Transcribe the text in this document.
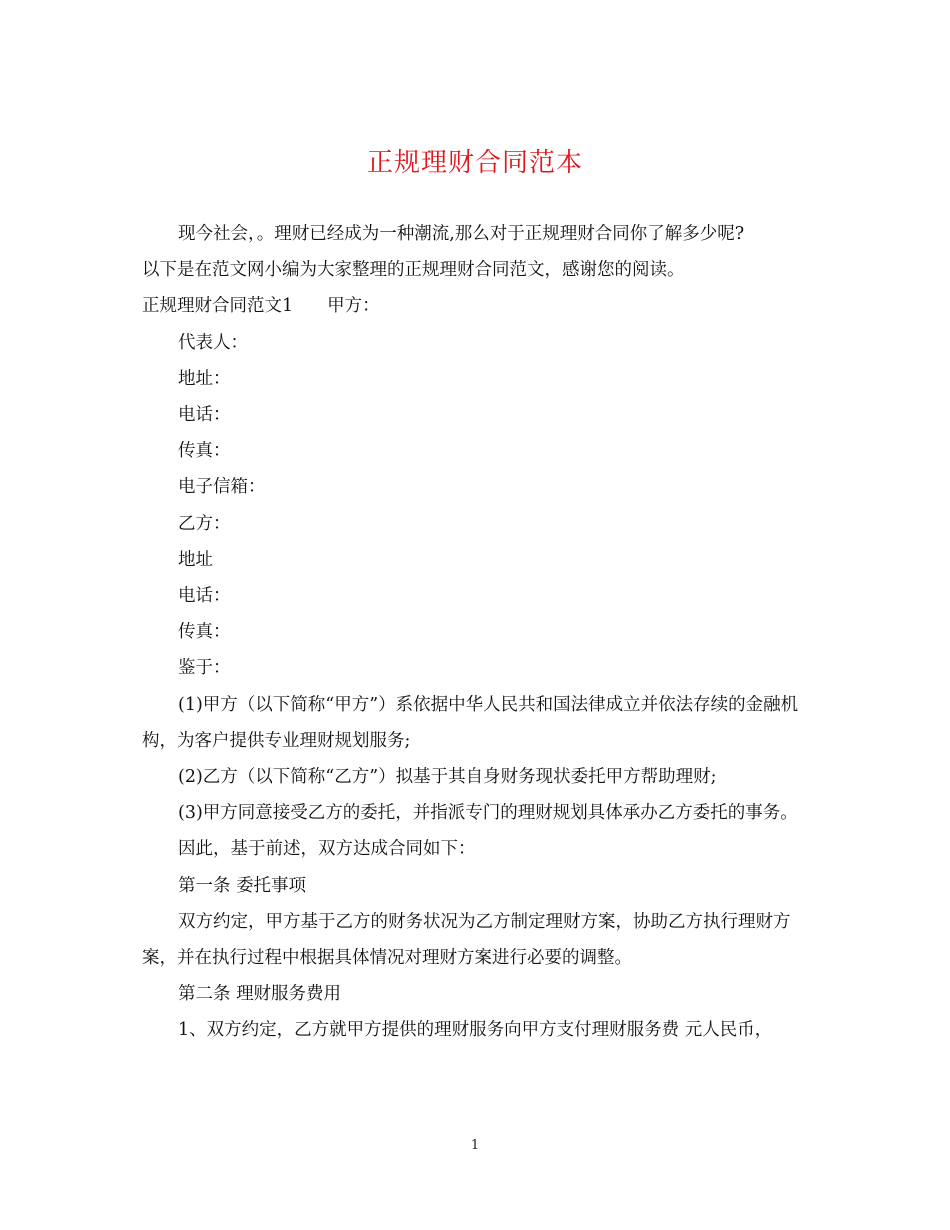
正规理财合同范本

现今社会，。理财已经成为一种潮流,那么对于正规理财合同你了解多少呢?

以下是在范文网小编为大家整理的正规理财合同范文，感谢您的阅读。

正规理财合同范文1 甲方：

代表人：

地址：

电话：

传真：

电子信箱：

乙方：

地址

电话：

传真：

鉴于：

(1)甲方（以下简称“甲方”）系依据中华人民共和国法律成立并依法存续的金融机构，为客户提供专业理财规划服务;

(2)乙方（以下简称“乙方”）拟基于其自身财务现状委托甲方帮助理财;

(3)甲方同意接受乙方的委托，并指派专门的理财规划具体承办乙方委托的事务。

因此，基于前述，双方达成合同如下：

第一条 委托事项

双方约定，甲方基于乙方的财务状况为乙方制定理财方案，协助乙方执行理财方案，并在执行过程中根据具体情况对理财方案进行必要的调整。

第二条 理财服务费用

1、双方约定，乙方就甲方提供的理财服务向甲方支付理财服务费 元人民币，

1
